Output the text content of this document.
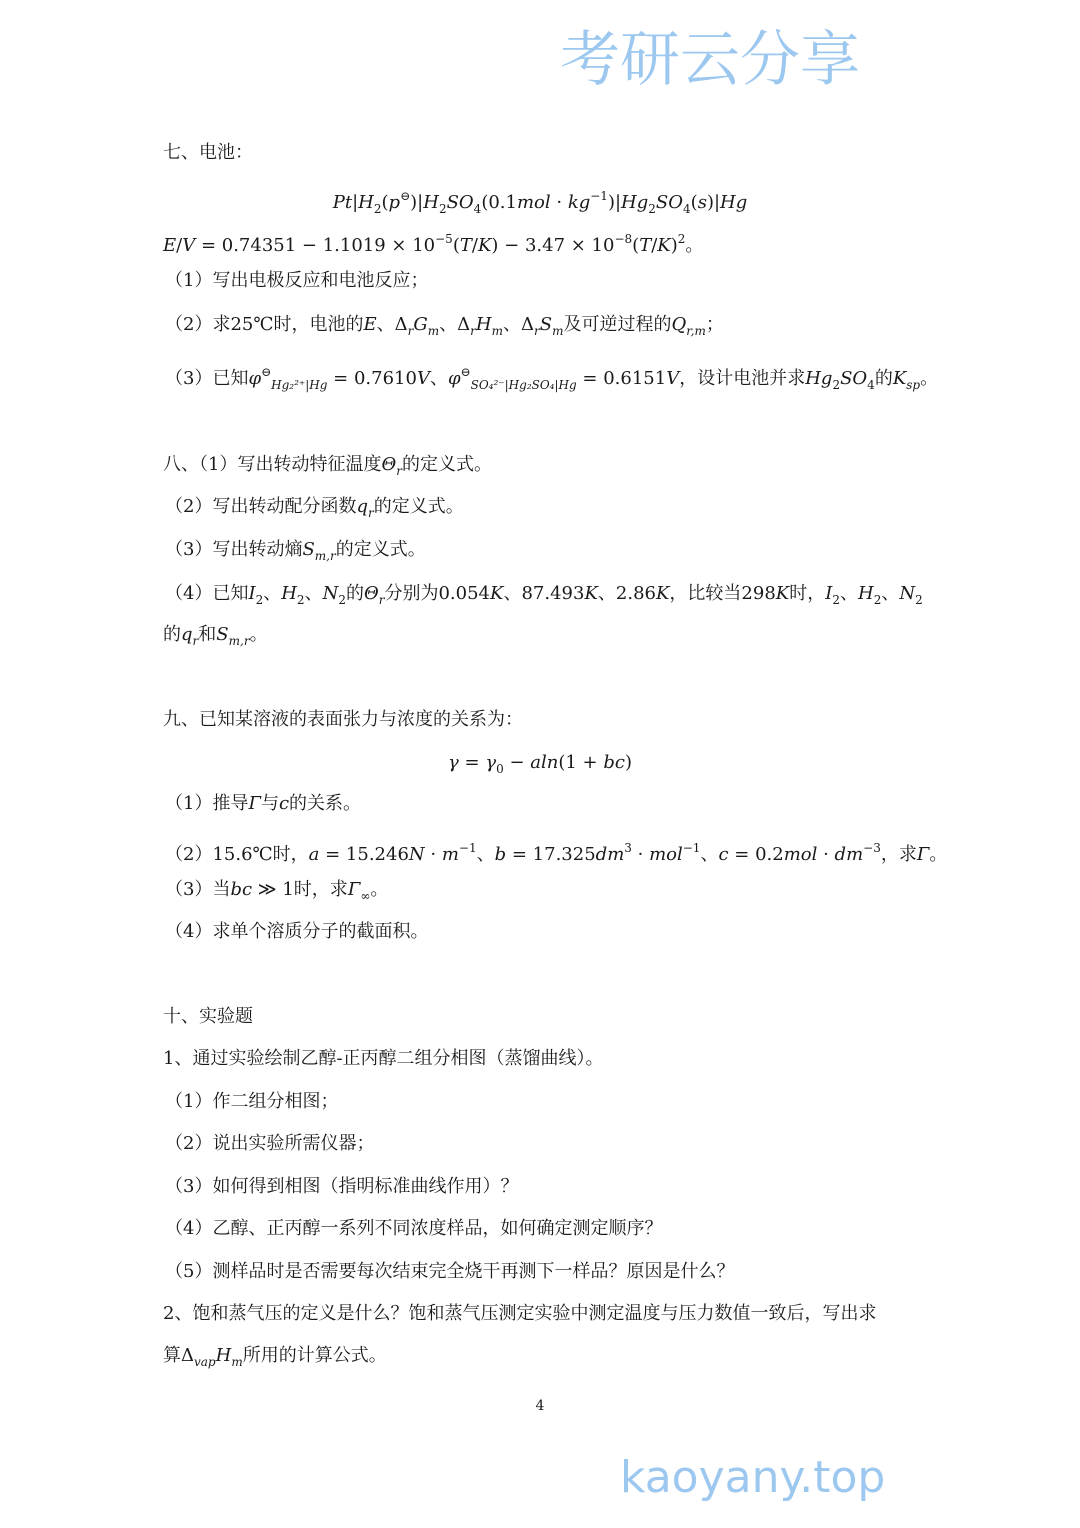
七、电池：
$Pt|H_2(p^⊖)|H_2SO_4(0.1mol \cdot kg^{-1})|Hg_2SO_4(s)|Hg$
$E/V = 0.74351 - 1.1019 \times 10^{-5}(T/K) - 3.47 \times 10^{-8}(T/K)^2$。
（1）写出电极反应和电池反应；
（2）求25℃时，电池的E、$\Delta_rG_m$、$\Delta_rH_m$、$\Delta_rS_m$及可逆过程的$Q_{r,m}$；
（3）已知$\varphi^⊖_{Hg_2^{2+}|Hg} = 0.7610V$、$\varphi^⊖_{SO_4^{2-}|Hg_2SO_4|Hg} = 0.6151V$，设计电池并求$Hg_2SO_4$的$K_{sp}$。
八、（1）写出转动特征温度$\Theta_r$的定义式。
（2）写出转动配分函数$q_r$的定义式。
（3）写出转动熵$S_{m,r}$的定义式。
（4）已知$I_2$、$H_2$、$N_2$的$\Theta_r$分别为0.054K、87.493K、2.86K，比较当298K时，$I_2$、$H_2$、$N_2$
的$q_r$和$S_{m,r}$。
九、已知某溶液的表面张力与浓度的关系为：
$\gamma = \gamma_0 - aln(1 + bc)$
（1）推导Γ与c的关系。
（2）15.6℃时，$a = 15.246N \cdot m^{-1}$、$b = 17.325dm^3 \cdot mol^{-1}$、$c = 0.2mol \cdot dm^{-3}$，求Γ。
（3）当bc ≫ 1时，求$\Gamma_\infty$。
（4）求单个溶质分子的截面积。
十、实验题
1、通过实验绘制乙醇-正丙醇二组分相图（蒸馏曲线）。
（1）作二组分相图；
（2）说出实验所需仪器；
（3）如何得到相图（指明标准曲线作用）？
（4）乙醇、正丙醇一系列不同浓度样品，如何确定测定顺序？
（5）测样品时是否需要每次结束完全烧干再测下一样品？原因是什么？
2、饱和蒸气压的定义是什么？饱和蒸气压测定实验中测定温度与压力数值一致后，写出求
算$\Delta_{vap}H_m$所用的计算公式。
4
考研云分享
kaoyany.top
